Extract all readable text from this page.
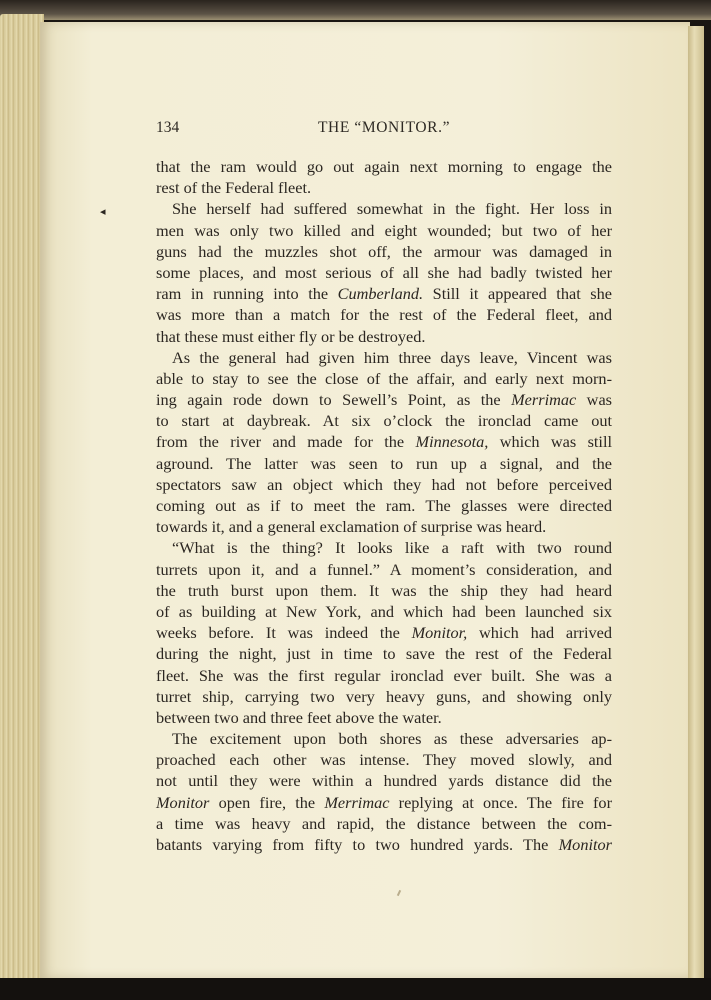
134	THE “MONITOR.”
◂
that the ram would go out again next morning to engage the
rest of the Federal fleet.
She herself had suffered somewhat in the fight. Her loss in
men was only two killed and eight wounded; but two of her
guns had the muzzles shot off, the armour was damaged in
some places, and most serious of all she had badly twisted her
ram in running into the Cumberland. Still it appeared that she
was more than a match for the rest of the Federal fleet, and
that these must either fly or be destroyed.
As the general had given him three days leave, Vincent was
able to stay to see the close of the affair, and early next morn-
ing again rode down to Sewell’s Point, as the Merrimac was
to start at daybreak. At six o’clock the ironclad came out
from the river and made for the Minnesota, which was still
aground. The latter was seen to run up a signal, and the
spectators saw an object which they had not before perceived
coming out as if to meet the ram. The glasses were directed
towards it, and a general exclamation of surprise was heard.
“What is the thing? It looks like a raft with two round
turrets upon it, and a funnel.” A moment’s consideration, and
the truth burst upon them. It was the ship they had heard
of as building at New York, and which had been launched six
weeks before. It was indeed the Monitor, which had arrived
during the night, just in time to save the rest of the Federal
fleet. She was the first regular ironclad ever built. She was a
turret ship, carrying two very heavy guns, and showing only
between two and three feet above the water.
The excitement upon both shores as these adversaries ap-
proached each other was intense. They moved slowly, and
not until they were within a hundred yards distance did the
Monitor open fire, the Merrimac replying at once. The fire for
a time was heavy and rapid, the distance between the com-
batants varying from fifty to two hundred yards. The Monitor
